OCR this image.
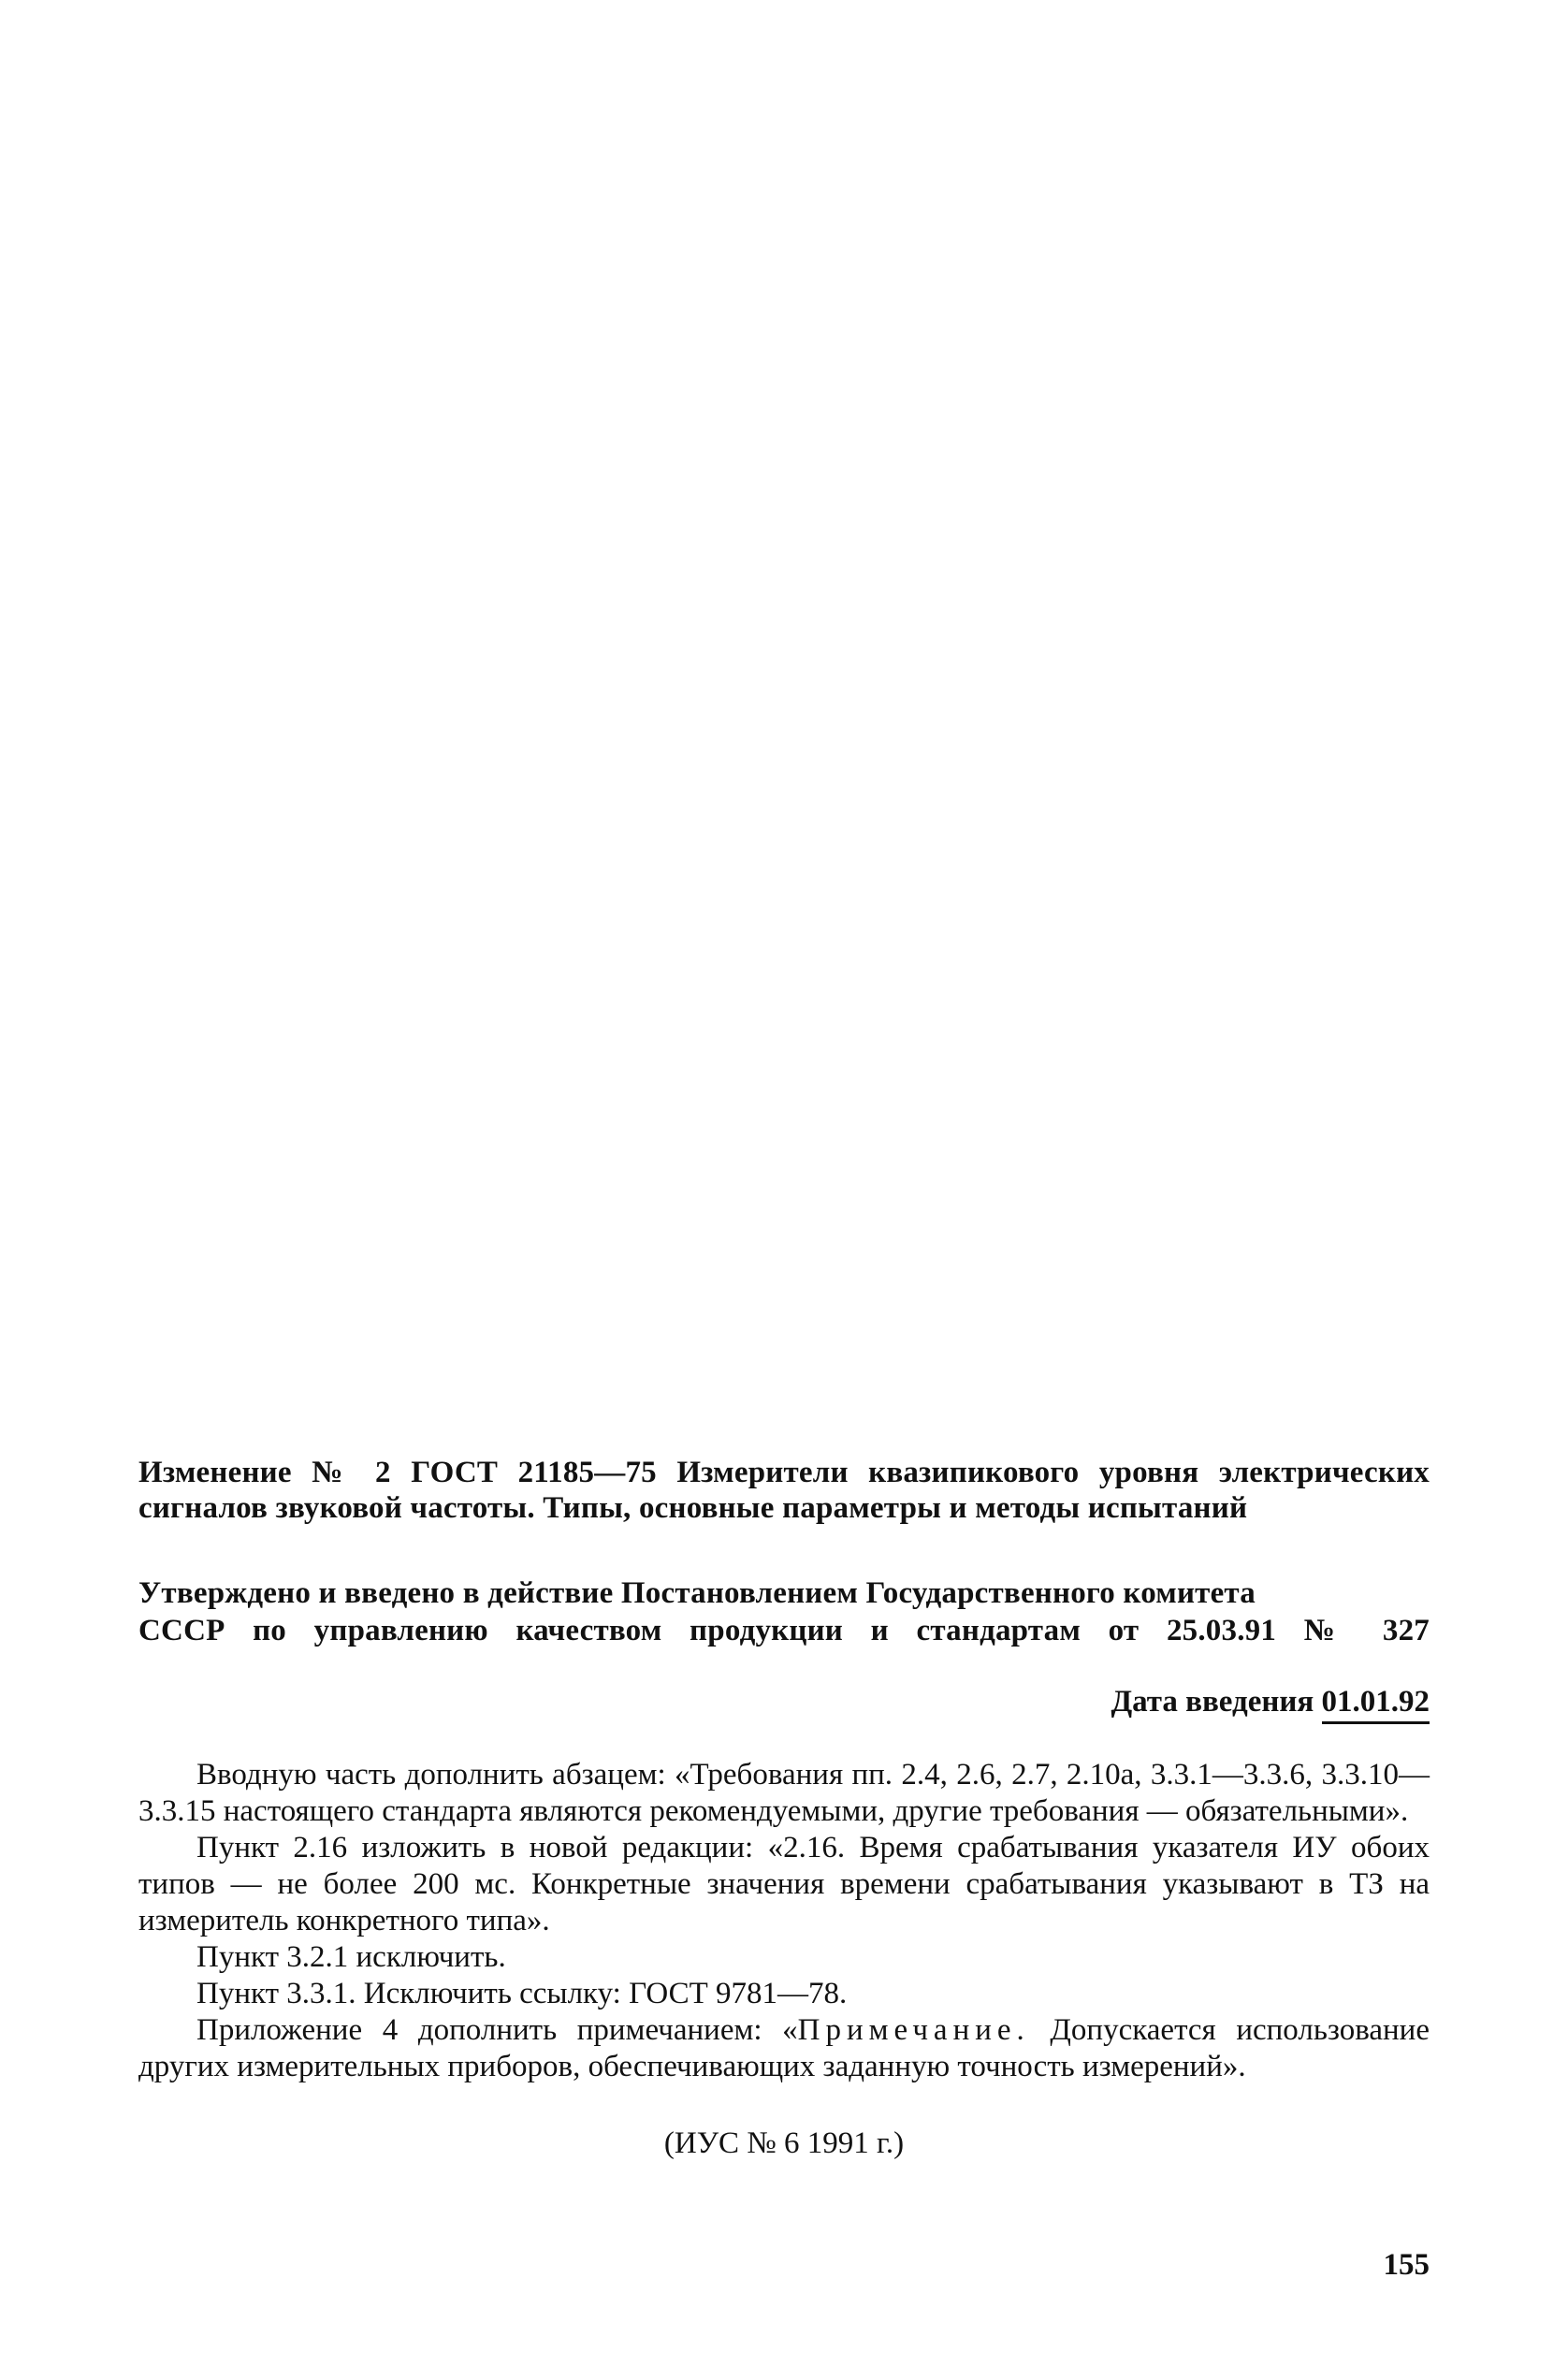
Изменение № 2 ГОСТ 21185—75 Измерители квазипикового уровня электрических сигналов звуковой частоты. Типы, основные параметры и методы испытаний
Утверждено и введено в действие Постановлением Государственного комитета
СССР по управлению качеством продукции и стандартам от 25.03.91 № 327
Дата введения 01.01.92

Вводную часть дополнить абзацем: «Требования пп. 2.4, 2.6, 2.7, 2.10а, 3.3.1—3.3.6, 3.3.10—3.3.15 настоящего стандарта являются рекомендуемыми, другие требования — обязательными».

Пункт 2.16 изложить в новой редакции: «2.16. Время срабатывания указателя ИУ обоих типов — не более 200 мс. Конкретные значения времени срабатывания указывают в ТЗ на измеритель конкретного типа».

Пункт 3.2.1 исключить.

Пункт 3.3.1. Исключить ссылку: ГОСТ 9781—78.

Приложение 4 дополнить примечанием: «Примечание. Допускается использование других измерительных приборов, обеспечивающих заданную точность измерений».

(ИУС № 6 1991 г.)
155
